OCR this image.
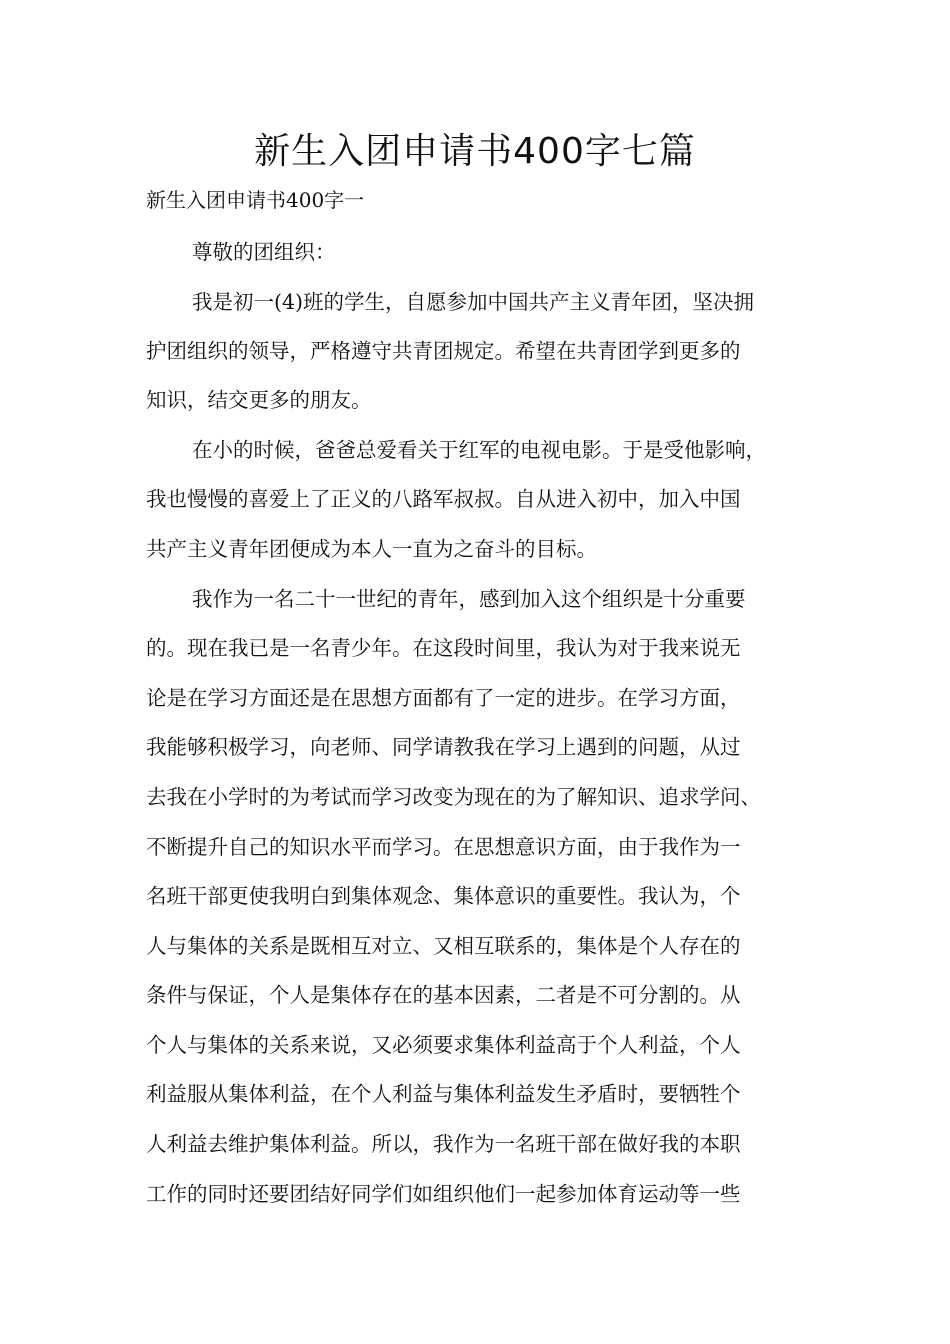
新生入团申请书400字七篇
新生入团申请书400字一
尊敬的团组织：
我是初一(4)班的学生，自愿参加中国共产主义青年团，坚决拥
护团组织的领导，严格遵守共青团规定。希望在共青团学到更多的
知识，结交更多的朋友。
在小的时候，爸爸总爱看关于红军的电视电影。于是受他影响，
我也慢慢的喜爱上了正义的八路军叔叔。自从进入初中，加入中国
共产主义青年团便成为本人一直为之奋斗的目标。
我作为一名二十一世纪的青年，感到加入这个组织是十分重要
的。现在我已是一名青少年。在这段时间里，我认为对于我来说无
论是在学习方面还是在思想方面都有了一定的进步。在学习方面，
我能够积极学习，向老师、同学请教我在学习上遇到的问题，从过
去我在小学时的为考试而学习改变为现在的为了解知识、追求学问、
不断提升自己的知识水平而学习。在思想意识方面，由于我作为一
名班干部更使我明白到集体观念、集体意识的重要性。我认为，个
人与集体的关系是既相互对立、又相互联系的，集体是个人存在的
条件与保证，个人是集体存在的基本因素，二者是不可分割的。从
个人与集体的关系来说，又必须要求集体利益高于个人利益，个人
利益服从集体利益，在个人利益与集体利益发生矛盾时，要牺牲个
人利益去维护集体利益。所以，我作为一名班干部在做好我的本职
工作的同时还要团结好同学们如组织他们一起参加体育运动等一些
